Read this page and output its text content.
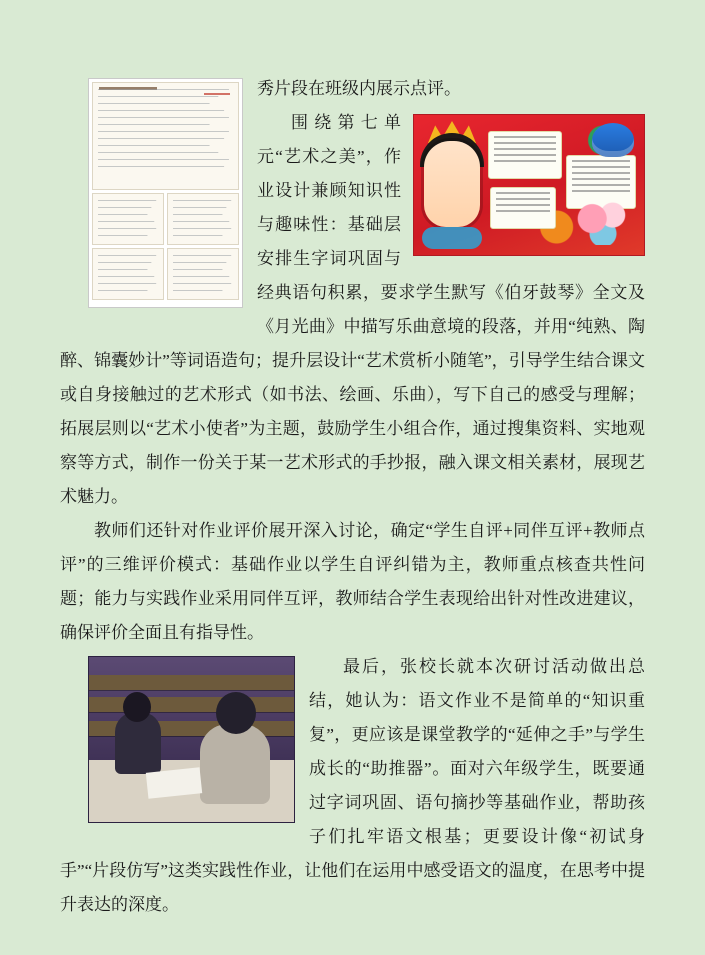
秀片段在班级内展示点评。

围绕第七单元“艺术之美”，作业设计兼顾知识性与趣味性：基础层安排生字词巩固与经典语句积累，要求学生默写《伯牙鼓琴》全文及《月光曲》中描写乐曲意境的段落，并用“纯熟、陶醉、锦囊妙计”等词语造句；提升层设计“艺术赏析小随笔”，引导学生结合课文或自身接触过的艺术形式（如书法、绘画、乐曲），写下自己的感受与理解；拓展层则以“艺术小使者”为主题，鼓励学生小组合作，通过搜集资料、实地观察等方式，制作一份关于某一艺术形式的手抄报，融入课文相关素材，展现艺术魅力。

教师们还针对作业评价展开深入讨论，确定“学生自评+同伴互评+教师点评”的三维评价模式：基础作业以学生自评纠错为主，教师重点核查共性问题；能力与实践作业采用同伴互评，教师结合学生表现给出针对性改进建议，确保评价全面且有指导性。

最后，张校长就本次研讨活动做出总结，她认为：语文作业不是简单的“知识重复”，更应该是课堂教学的“延伸之手”与学生成长的“助推器”。面对六年级学生，既要通过字词巩固、语句摘抄等基础作业，帮助孩子们扎牢语文根基；更要设计像“初试身手”“片段仿写”这类实践性作业，让他们在运用中感受语文的温度，在思考中提升表达的深度。
